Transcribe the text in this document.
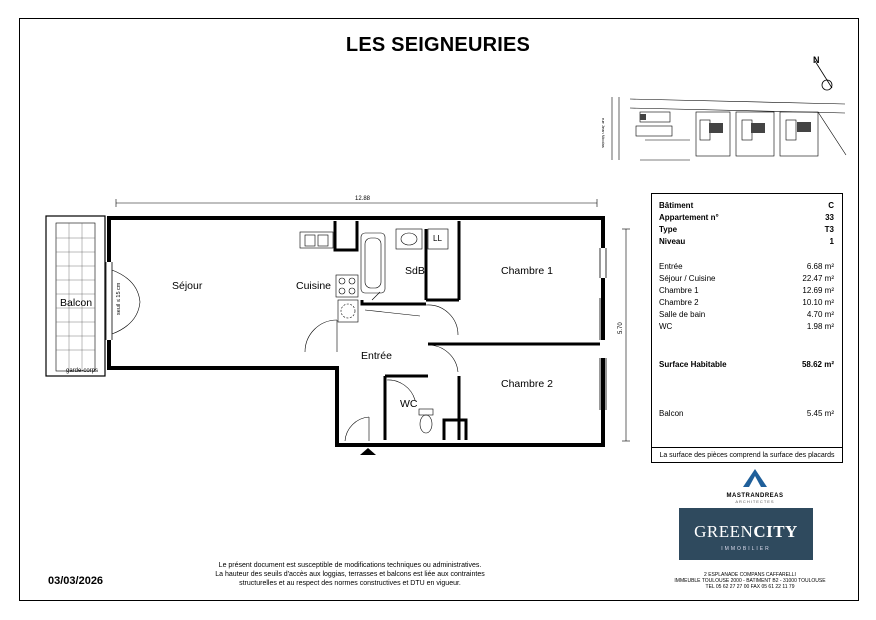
LES SEIGNEURIES
rue Jean Nicolas
N
12.88
5.70
seuil ≤ 15 cm	Séjour	Cuisine
SdB
LL
Chambre 1
Entrée
Chambre 2
WC
Balcon
garde-corps
Bâtiment	C
Appartement n°	33
Type	T3
Niveau	1
Entrée	6.68 m²
Séjour / Cuisine	22.47 m²
Chambre 1	12.69 m²
Chambre 2	10.10 m²
Salle de bain	4.70 m²
WC	1.98 m²
Surface Habitable	58.62 m²
Balcon	5.45 m²
La surface des pièces comprend la surface des placards
03/03/2026
Le présent document est susceptible de modifications techniques ou administratives.
La hauteur des seuils d'accès aux loggias, terrasses et balcons est liée aux contraintes
structurelles et au respect des normes constructives et DTU en vigueur.
MASTRANDREAS
ARCHITECTES
GREENCITY
IMMOBILIER
2 ESPLANADE COMPANS CAFFARELLI
IMMEUBLE TOULOUSE 2000 - BATIMENT B2 - 31000 TOULOUSE
TEL 05 62 27 27 00 FAX 05 61 22 11 79
